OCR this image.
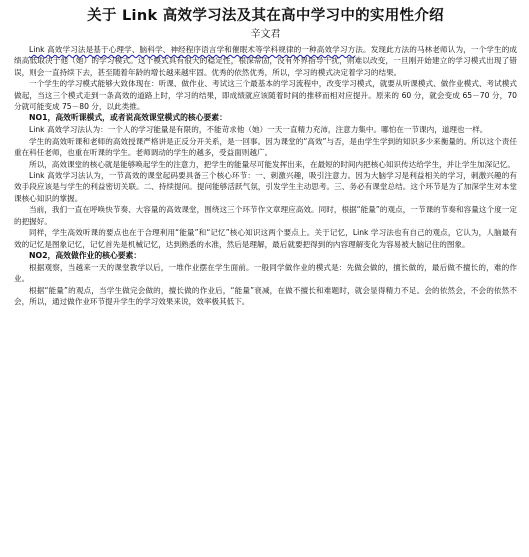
关于 Link 高效学习法及其在高中学习中的实用性介绍
辛文君

Link 高效学习法是基于心理学、脑科学、神经程序语言学和催眠术等学科规律的一种高效学习方法。发现此方法的马林老师认为，一个学生的成绩高低取决于他（她）的学习模式。这个模式具有很大的稳定性，根深蒂固，没有外界指导干扰，则难以改变，一旦刚开始建立的学习模式出现了错误，则会一直持续下去，甚至随着年龄的增长越来越牢固。优秀的依然优秀，所以，学习的模式决定着学习的结果。

一个学生的学习模式能够大致体现在：听课、做作业、考试这三个最基本的学习流程中，改变学习模式，就要从听课模式、做作业模式、考试模式做起，当这三个模式走到一条高效的道路上时，学习的结果，即成绩就应该随着时间的推移而相对应提升。原来的 60 分，就会变成 65－70 分，70 分就可能变成 75－80 分，以此类推。

NO1，高效听课模式，或者说高效课堂模式的核心要素：

Link 高效学习法认为：一个人的学习能量是有限的，不能苛求他（她）一天一直精力充沛，注意力集中。哪怕在一节课内，道理也一样。

学生的高效听课和老师的高效授课严格讲是正反分开关系，是一回事。因为课堂的“高效”与否，是由学生学到的知识多少来衡量的。所以这个责任重在科任老师，也重在听课的学生。老师调动的学生的越多，受益面则越广。

所以，高效课堂的核心就是能够唤起学生的注意力，把学生的能量尽可能发挥出来，在最短的时间内把核心知识传达给学生，并让学生加深记忆。

Link 高效学习法认为，一节高效的课堂起码要具备三个核心环节：一、刺激兴趣，吸引注意力。因为大脑学习是利益相关的学习，刺激兴趣的有效手段应该是与学生的利益密切关联。二、持续提问。提问能够活跃气氛，引发学生主动思考。三、务必有课堂总结。这个环节是为了加深学生对本堂课核心知识的掌握。

当前，我们一直在呼唤快节奏、大容量的高效课堂，围绕这三个环节作文章理应高效。同时，根据“能量”的观点，一节课的节奏和容量这个度一定的把握好。

同样，学生高效听课的要点也在于合理利用“能量”和“记忆”核心知识这两个要点上。关于记忆，Link 学习法也有自己的观点，它认为，人脑最有效的记忆是图象记忆，记忆首先是机械记忆，达到熟悉的水准，然后是理解，最后就要把得到的内容理解变化为容易被大脑记住的图象。

NO2，高效做作业的核心要素：

根据观察，当越来一天的课堂教学以后，一堆作业摆在学生面前。一般同学做作业的模式是：先做会做的，擅长做的，最后做不擅长的，难的作业。

根据“能量”的观点，当学生做完会做的，擅长做的作业后，“能量”衰减，在做不擅长和难题时，就会显得精力不足。会的依然会，不会的依然不会，所以，通过做作业环节提升学生的学习效果来说，效率极其低下。
